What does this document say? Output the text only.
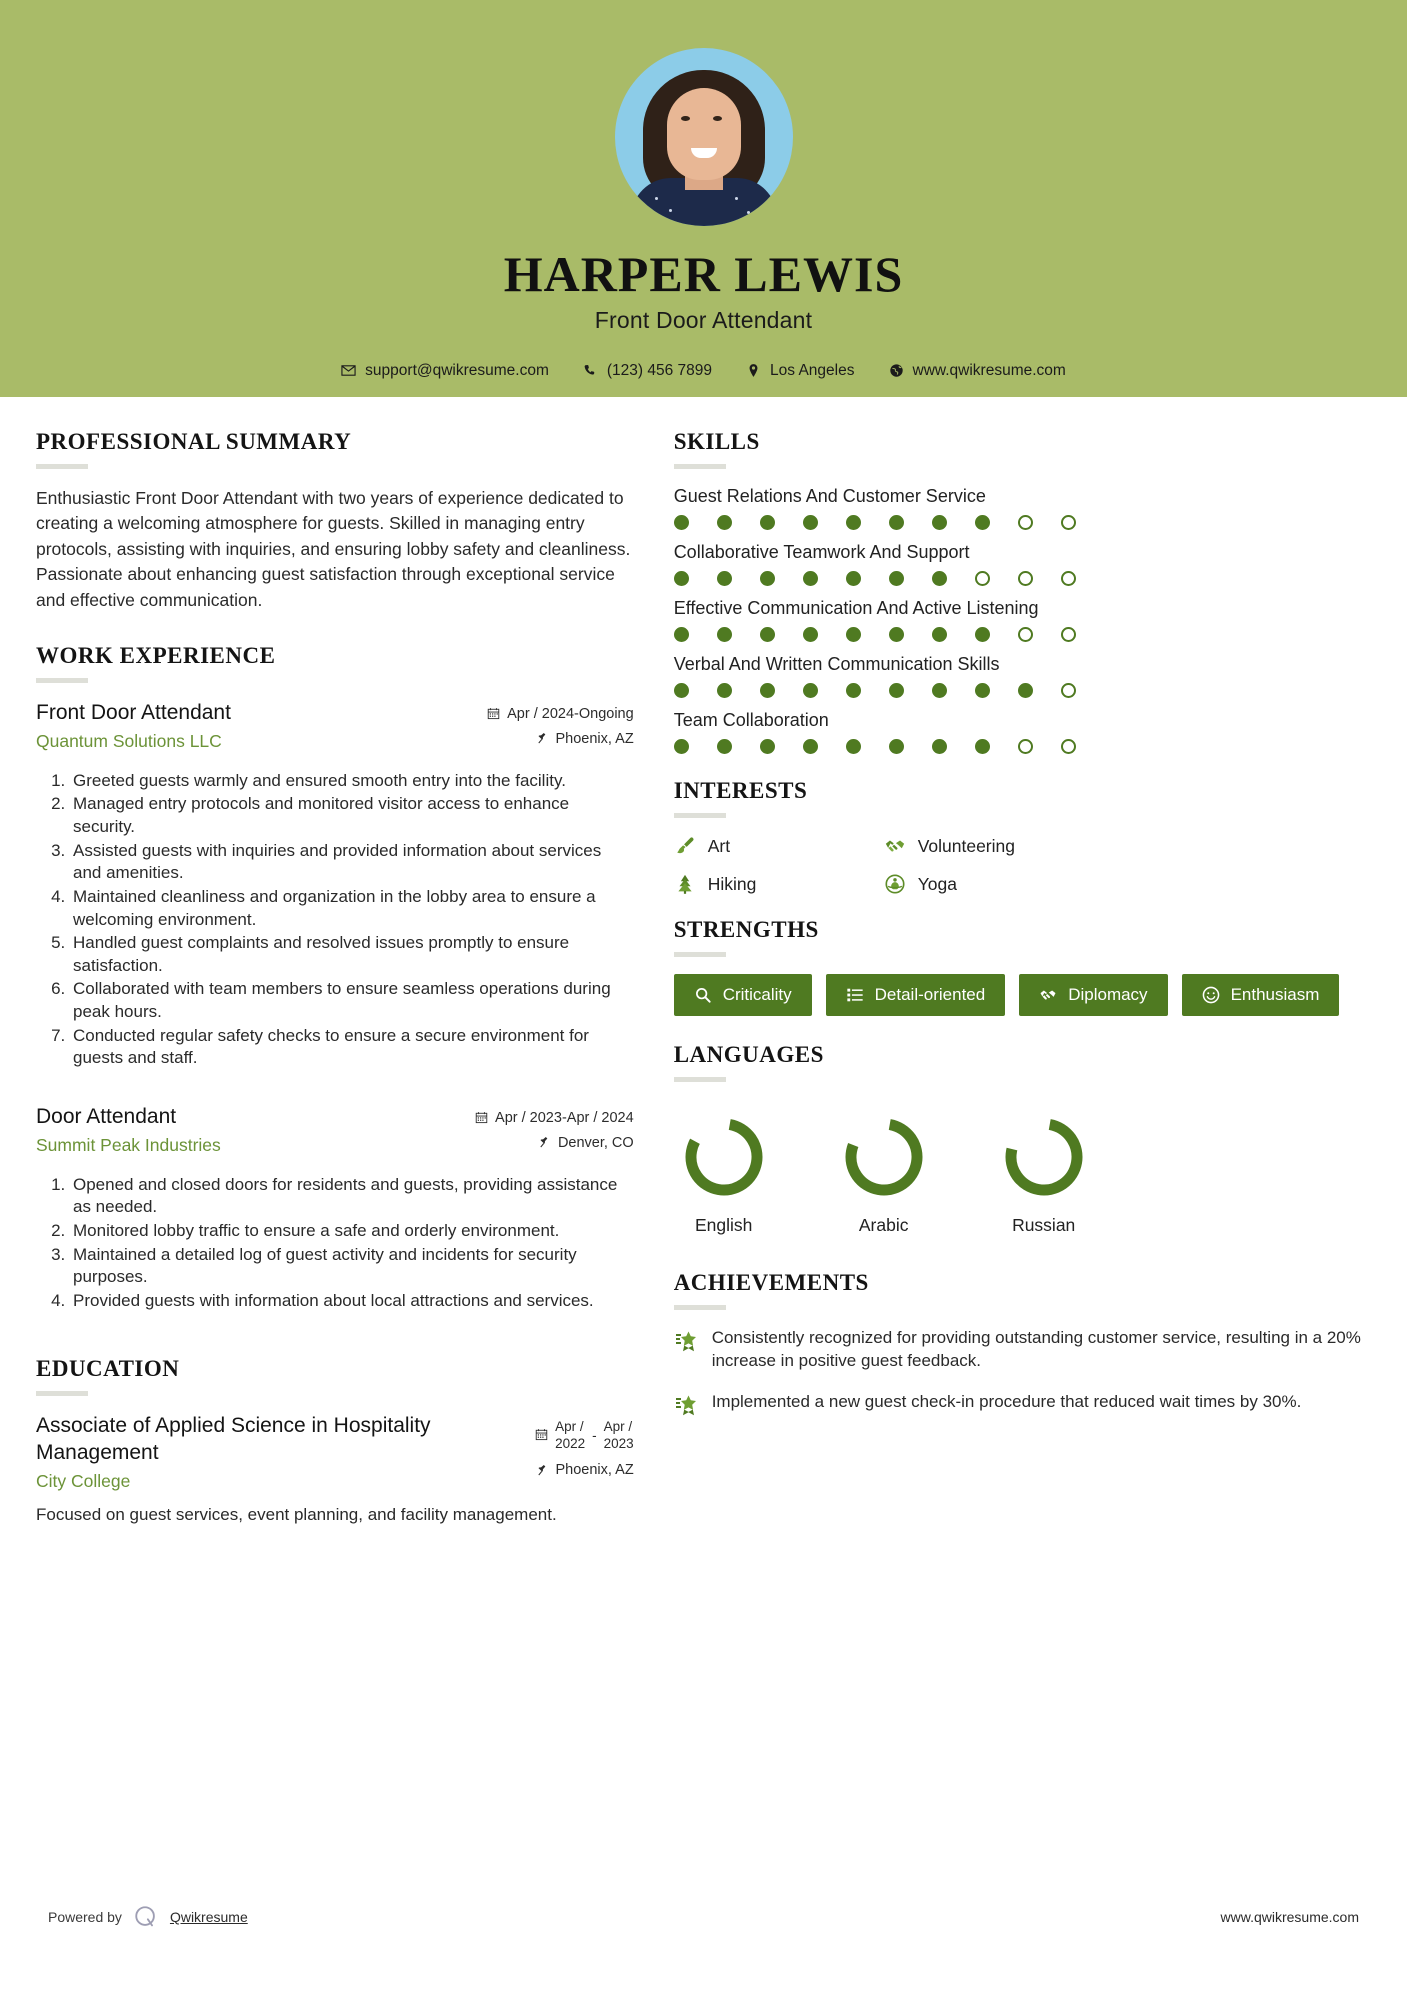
HARPER LEWIS
Front Door Attendant
support@qwikresume.com	(123) 456 7899	Los Angeles	www.qwikresume.com
PROFESSIONAL SUMMARY
Enthusiastic Front Door Attendant with two years of experience dedicated to creating a welcoming atmosphere for guests. Skilled in managing entry protocols, assisting with inquiries, and ensuring lobby safety and cleanliness. Passionate about enhancing guest satisfaction through exceptional service and effective communication.
WORK EXPERIENCE
Front Door Attendant
Quantum Solutions LLC
Apr / 2024-Ongoing
Phoenix, AZ
1. Greeted guests warmly and ensured smooth entry into the facility.
2. Managed entry protocols and monitored visitor access to enhance security.
3. Assisted guests with inquiries and provided information about services and amenities.
4. Maintained cleanliness and organization in the lobby area to ensure a welcoming environment.
5. Handled guest complaints and resolved issues promptly to ensure satisfaction.
6. Collaborated with team members to ensure seamless operations during peak hours.
7. Conducted regular safety checks to ensure a secure environment for guests and staff.
Door Attendant
Summit Peak Industries
Apr / 2023-Apr / 2024
Denver, CO
1. Opened and closed doors for residents and guests, providing assistance as needed.
2. Monitored lobby traffic to ensure a safe and orderly environment.
3. Maintained a detailed log of guest activity and incidents for security purposes.
4. Provided guests with information about local attractions and services.
EDUCATION
Associate of Applied Science in Hospitality Management
City College
Apr /
2022
-
Apr /
2023
Phoenix, AZ
Focused on guest services, event planning, and facility management.
SKILLS
Guest Relations And Customer Service
Collaborative Teamwork And Support
Effective Communication And Active Listening
Verbal And Written Communication Skills
Team Collaboration
INTERESTS
Art	Volunteering
Hiking	Yoga
STRENGTHS
Criticality	Detail-oriented	Diplomacy	Enthusiasm
LANGUAGES
English	Arabic	Russian
ACHIEVEMENTS
Consistently recognized for providing outstanding customer service, resulting in a 20% increase in positive guest feedback.
Implemented a new guest check-in procedure that reduced wait times by 30%.
Powered by	Qwikresume	www.qwikresume.com
